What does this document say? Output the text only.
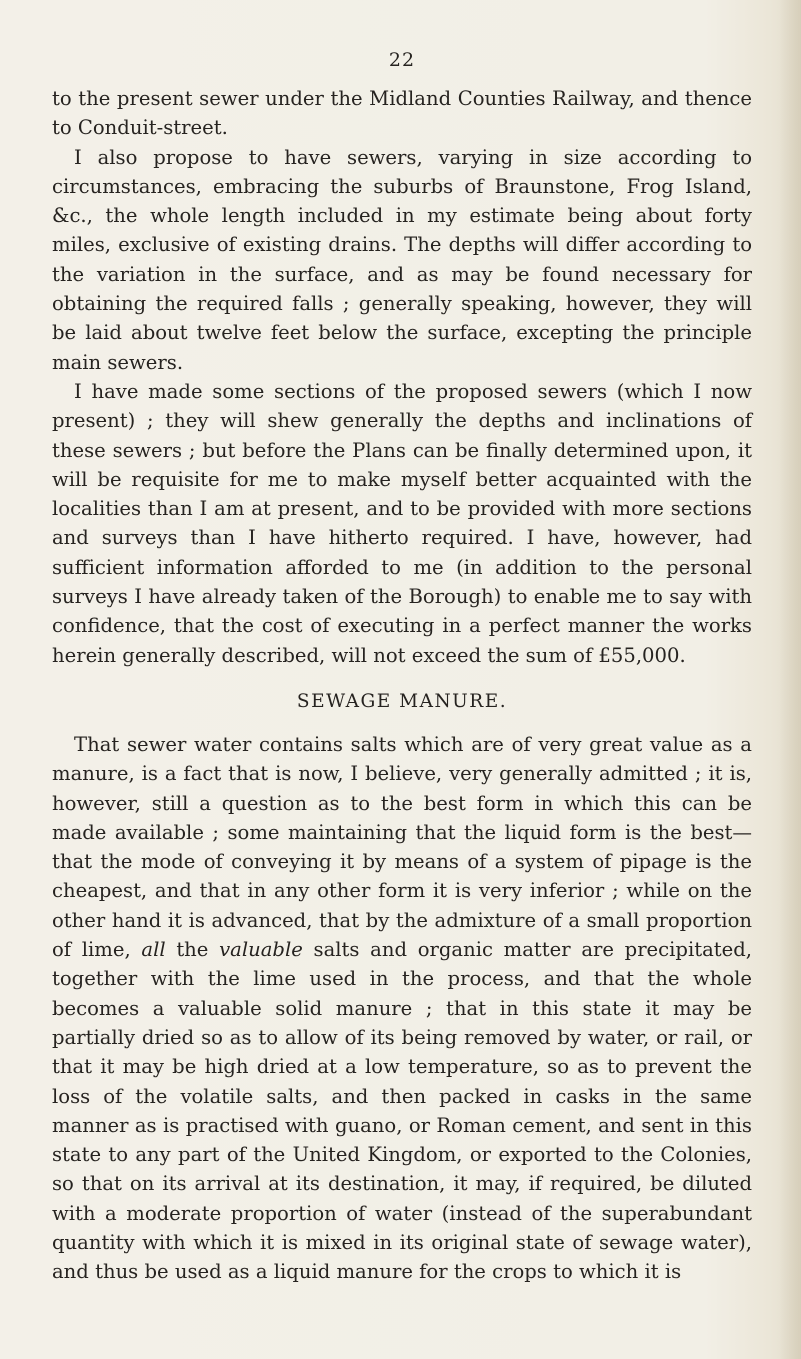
22

to the present sewer under the Midland Counties Railway, and thence to Conduit-street.

I also propose to have sewers, varying in size according to circumstances, embracing the suburbs of Braunstone, Frog Island, &c., the whole length included in my estimate being about forty miles, exclusive of existing drains. The depths will differ according to the variation in the surface, and as may be found necessary for obtaining the required falls ; generally speaking, however, they will be laid about twelve feet below the surface, excepting the principle main sewers.

I have made some sections of the proposed sewers (which I now present) ; they will shew generally the depths and inclinations of these sewers ; but before the Plans can be finally determined upon, it will be requisite for me to make myself better acquainted with the localities than I am at present, and to be provided with more sections and surveys than I have hitherto required. I have, however, had sufficient information afforded to me (in addition to the personal surveys I have already taken of the Borough) to enable me to say with confidence, that the cost of executing in a perfect manner the works herein generally described, will not exceed the sum of £55,000.

SEWAGE MANURE.

That sewer water contains salts which are of very great value as a manure, is a fact that is now, I believe, very generally admitted ; it is, however, still a question as to the best form in which this can be made available ; some maintaining that the liquid form is the best—that the mode of conveying it by means of a system of pipage is the cheapest, and that in any other form it is very inferior ; while on the other hand it is advanced, that by the admixture of a small proportion of lime, all the valuable salts and organic matter are precipitated, together with the lime used in the process, and that the whole becomes a valuable solid manure ; that in this state it may be partially dried so as to allow of its being removed by water, or rail, or that it may be high dried at a low temperature, so as to prevent the loss of the volatile salts, and then packed in casks in the same manner as is practised with guano, or Roman cement, and sent in this state to any part of the United Kingdom, or exported to the Colonies, so that on its arrival at its destination, it may, if required, be diluted with a moderate proportion of water (instead of the superabundant quantity with which it is mixed in its original state of sewage water), and thus be used as a liquid manure for the crops to which it is
